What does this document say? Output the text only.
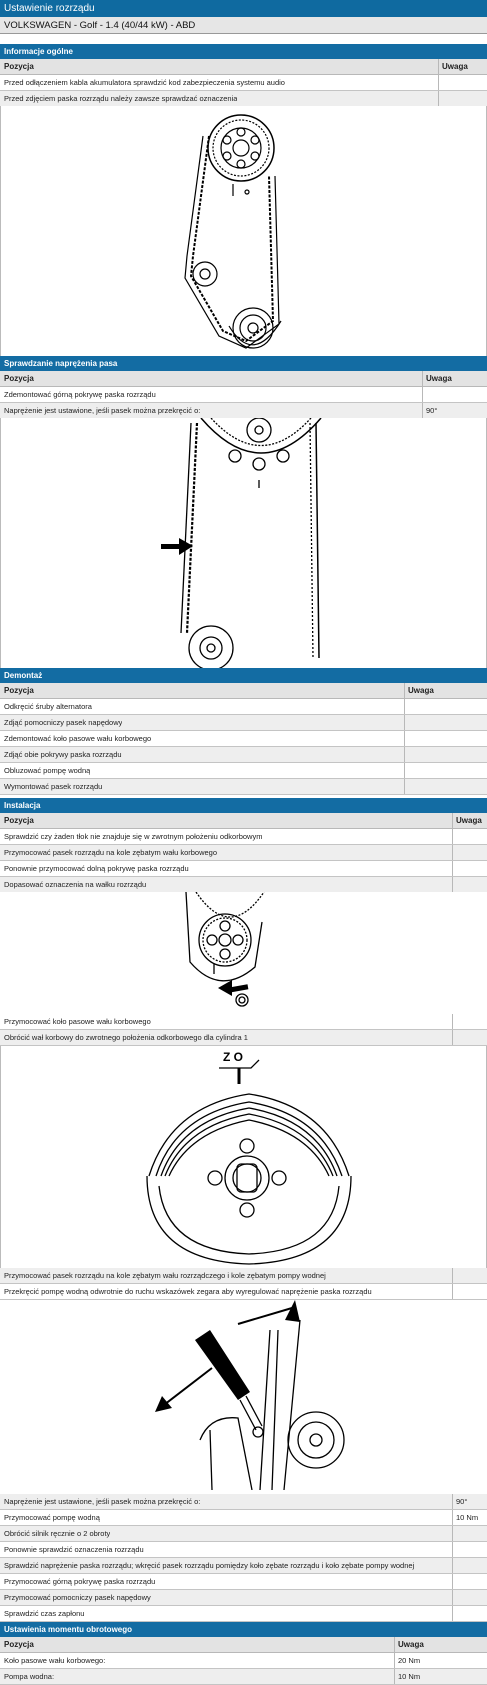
Ustawienie rozrządu
VOLKSWAGEN - Golf - 1.4 (40/44 kW) - ABD
Informacje ogólne
Pozycja	Uwaga
Przed odłączeniem kabla akumulatora sprawdzić kod zabezpieczenia systemu audio
Przed zdjęciem paska rozrządu należy zawsze sprawdzać oznaczenia
Sprawdzanie naprężenia pasa
Pozycja	Uwaga
Zdemontować górną pokrywę paska rozrządu
Naprężenie jest ustawione, jeśli pasek można przekręcić o:	90°
Demontaż
Pozycja	Uwaga
Odkręcić śruby alternatora
Zdjąć pomocniczy pasek napędowy
Zdemontować koło pasowe wału korbowego
Zdjąć obie pokrywy paska rozrządu
Obluzować pompę wodną
Wymontować pasek rozrządu
Instalacja
Pozycja	Uwaga
Sprawdzić czy żaden tłok nie znajduje się w zwrotnym położeniu odkorbowym
Przymocować pasek rozrządu na kole zębatym wału korbowego
Ponownie przymocować dolną pokrywę paska rozrządu
Dopasować oznaczenia na wałku rozrządu
Przymocować koło pasowe wału korbowego
Obrócić wał korbowy do zwrotnego położenia odkorbowego dla cylindra 1
Z O
Przymocować pasek rozrządu na kole zębatym wału rozrządczego i kole zębatym pompy wodnej
Przekręcić pompę wodną odwrotnie do ruchu wskazówek zegara aby wyregulować naprężenie paska rozrządu
Naprężenie jest ustawione, jeśli pasek można przekręcić o:	90°
Przymocować pompę wodną	10 Nm
Obrócić silnik ręcznie o 2 obroty
Ponownie sprawdzić oznaczenia rozrządu
Sprawdzić naprężenie paska rozrządu; wkręcić pasek rozrządu pomiędzy koło zębate rozrządu i koło zębate pompy wodnej
Przymocować górną pokrywę paska rozrządu
Przymocować pomocniczy pasek napędowy
Sprawdzić czas zapłonu
Ustawienia momentu obrotowego
Pozycja	Uwaga
Koło pasowe wału korbowego:	20 Nm
Pompa wodna:	10 Nm
